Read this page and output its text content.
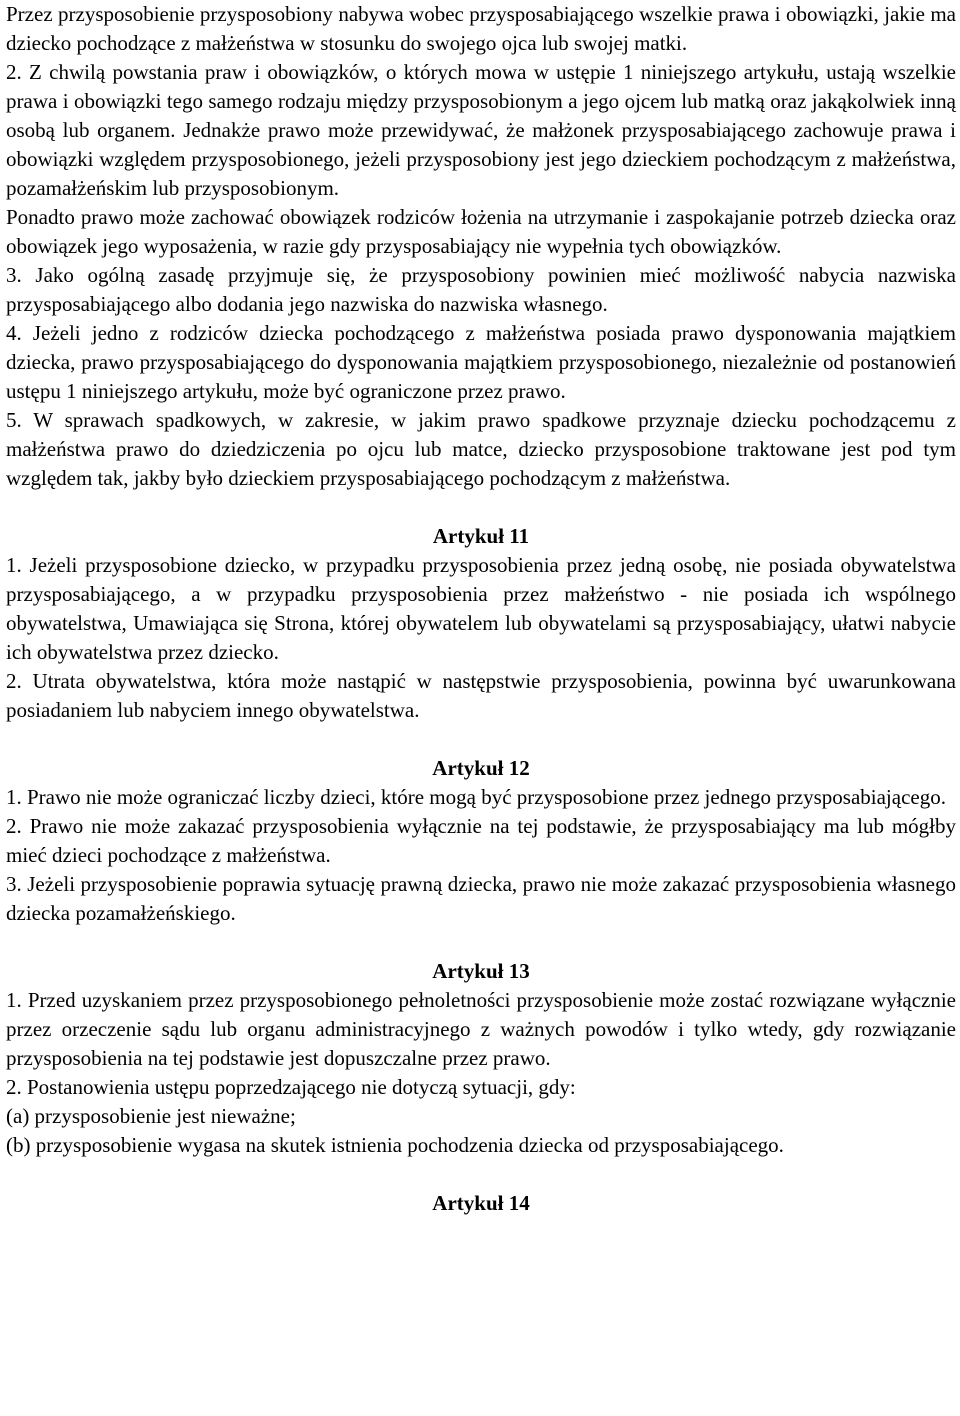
Przez przysposobienie przysposobiony nabywa wobec przysposabiającego wszelkie prawa i obowiązki, jakie ma dziecko pochodzące z małżeństwa w stosunku do swojego ojca lub swojej matki.

2. Z chwilą powstania praw i obowiązków, o których mowa w ustępie 1 niniejszego artykułu, ustają wszelkie prawa i obowiązki tego samego rodzaju między przysposobionym a jego ojcem lub matką oraz jakąkolwiek inną osobą lub organem. Jednakże prawo może przewidywać, że małżonek przysposabiającego zachowuje prawa i obowiązki względem przysposobionego, jeżeli przysposobiony jest jego dzieckiem pochodzącym z małżeństwa, pozamałżeńskim lub przysposobionym.

Ponadto prawo może zachować obowiązek rodziców łożenia na utrzymanie i zaspokajanie potrzeb dziecka oraz obowiązek jego wyposażenia, w razie gdy przysposabiający nie wypełnia tych obowiązków.

3. Jako ogólną zasadę przyjmuje się, że przysposobiony powinien mieć możliwość nabycia nazwiska przysposabiającego albo dodania jego nazwiska do nazwiska własnego.

4. Jeżeli jedno z rodziców dziecka pochodzącego z małżeństwa posiada prawo dysponowania majątkiem dziecka, prawo przysposabiającego do dysponowania majątkiem przysposobionego, niezależnie od postanowień ustępu 1 niniejszego artykułu, może być ograniczone przez prawo.

5. W sprawach spadkowych, w zakresie, w jakim prawo spadkowe przyznaje dziecku pochodzącemu z małżeństwa prawo do dziedziczenia po ojcu lub matce, dziecko przysposobione traktowane jest pod tym względem tak, jakby było dzieckiem przysposabiającego pochodzącym z małżeństwa.

Artykuł 11

1. Jeżeli przysposobione dziecko, w przypadku przysposobienia przez jedną osobę, nie posiada obywatelstwa przysposabiającego, a w przypadku przysposobienia przez małżeństwo - nie posiada ich wspólnego obywatelstwa, Umawiająca się Strona, której obywatelem lub obywatelami są przysposabiający, ułatwi nabycie ich obywatelstwa przez dziecko.

2. Utrata obywatelstwa, która może nastąpić w następstwie przysposobienia, powinna być uwarunkowana posiadaniem lub nabyciem innego obywatelstwa.

Artykuł 12

1. Prawo nie może ograniczać liczby dzieci, które mogą być przysposobione przez jednego przysposabiającego.

2. Prawo nie może zakazać przysposobienia wyłącznie na tej podstawie, że przysposabiający ma lub mógłby mieć dzieci pochodzące z małżeństwa.

3. Jeżeli przysposobienie poprawia sytuację prawną dziecka, prawo nie może zakazać przysposobienia własnego dziecka pozamałżeńskiego.

Artykuł 13

1. Przed uzyskaniem przez przysposobionego pełnoletności przysposobienie może zostać rozwiązane wyłącznie przez orzeczenie sądu lub organu administracyjnego z ważnych powodów i tylko wtedy, gdy rozwiązanie przysposobienia na tej podstawie jest dopuszczalne przez prawo.

2. Postanowienia ustępu poprzedzającego nie dotyczą sytuacji, gdy:

(a) przysposobienie jest nieważne;

(b) przysposobienie wygasa na skutek istnienia pochodzenia dziecka od przysposabiającego.

Artykuł 14
